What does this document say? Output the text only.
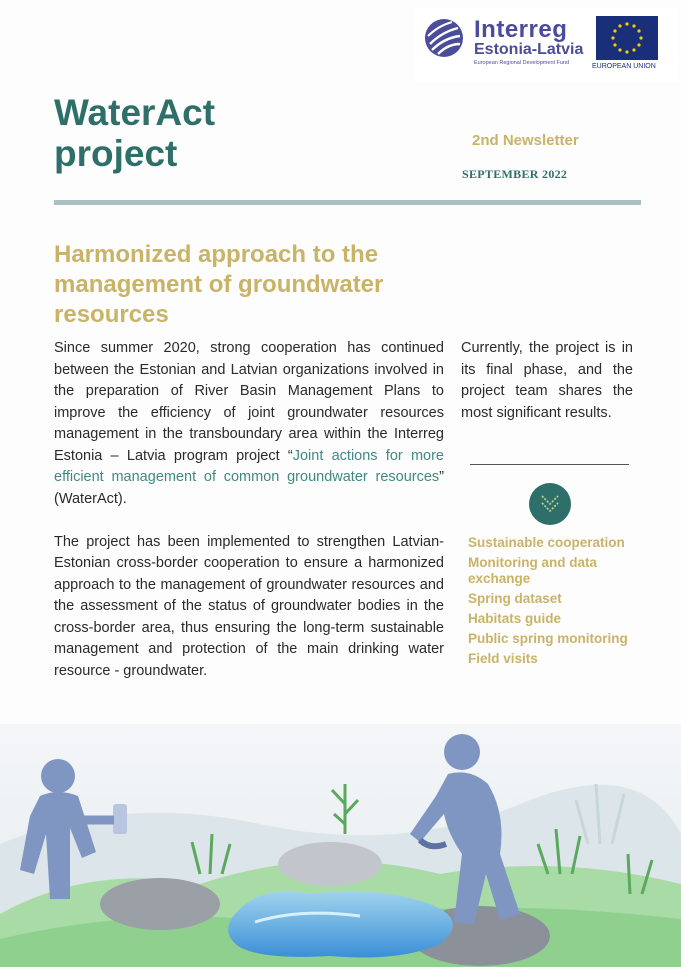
Interreg
Estonia-Latvia
European Regional Development Fund	EUROPEAN UNION
WaterAct
project	2nd Newsletter
SEPTEMBER 2022
Harmonized approach to the management of groundwater resources

Since summer 2020, strong cooperation has continued between the Estonian and Latvian organizations involved in the preparation of River Basin Management Plans to improve the efficiency of joint groundwater resources management in the transboundary area within the Interreg Estonia – Latvia program project “Joint actions for more efficient management of common groundwater resources” (WaterAct).

The project has been implemented to strengthen Latvian-Estonian cross-border cooperation to ensure a harmonized approach to the management of groundwater resources and the assessment of the status of groundwater bodies in the cross-border area, thus ensuring the long-term sustainable management and protection of the main drinking water resource - groundwater.

Currently, the project is in its final phase, and the project team shares the most significant results.
Sustainable cooperation
Monitoring and data exchange
Spring dataset
Habitats guide
Public spring monitoring
Field visits
